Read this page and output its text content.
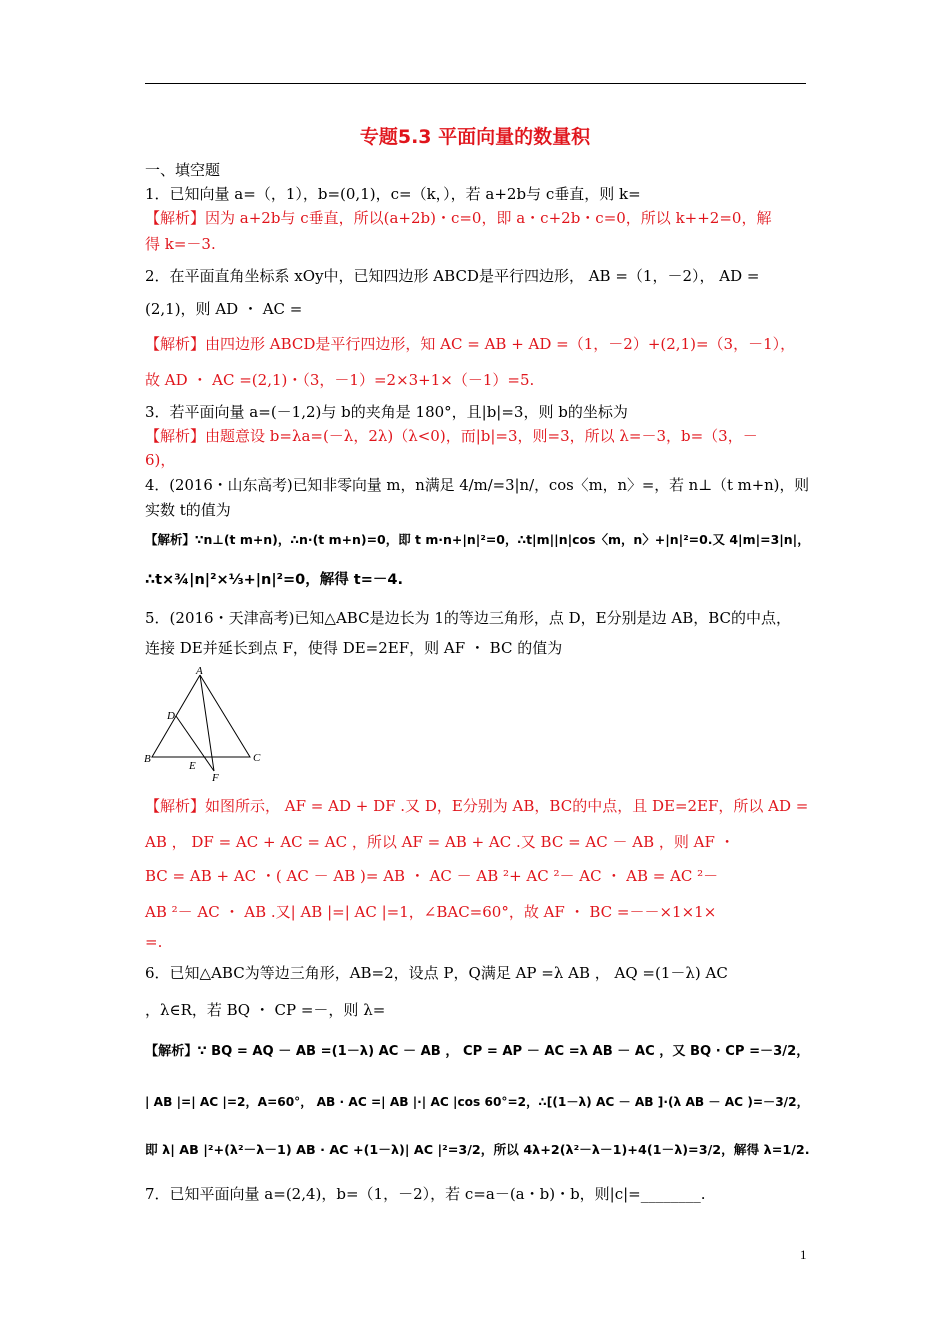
专题5.3 平面向量的数量积
一、填空题
1．已知向量 a=（，1），b=(0,1)，c=（k，），若 a+2b与 c垂直，则 k=
【解析】因为 a+2b与 c垂直，所以(a+2b)・c=0，即 a・c+2b・c=0，所以 k++2=0，解
得 k=－3.
2．在平面直角坐标系 xOy中，已知四边形 ABCD是平行四边形， AB =（1，－2）， AD =
(2,1)，则 AD ・ AC =
【解析】由四边形 ABCD是平行四边形，知 AC = AB + AD =（1，－2）+(2,1)=（3，－1），
故 AD ・ AC =(2,1)・（3，－1）=2×3+1×（－1）=5.
3．若平面向量 a=(－1,2)与 b的夹角是 180°，且|b|=3，则 b的坐标为
【解析】由题意设 b=λa=(－λ，2λ)（λ<0)，而|b|=3，则=3，所以 λ=－3，b=（3，－
6)，
4．(2016・山东高考)已知非零向量 m，n满足 4/m/=3|n/，cos〈m，n〉=，若 n⊥（t m+n)，则
实数 t的值为
【解析】∵n⊥(t m+n)，∴n·(t m+n)=0，即 t m·n+|n|²=0，∴t|m||n|cos〈m，n〉+|n|²=0.又 4|m|=3|n|，
∴t×¾|n|²×⅓+|n|²=0，解得 t=－4.
5．(2016・天津高考)已知△ABC是边长为 1的等边三角形，点 D，E分别是边 AB，BC的中点，
连接 DE并延长到点 F，使得 DE=2EF，则 AF ・ BC 的值为
A
D
B
E
F
C
【解析】如图所示， AF = AD + DF .又 D，E分别为 AB，BC的中点，且 DE=2EF，所以 AD =
AB ， DF = AC + AC = AC ，所以 AF = AB + AC .又 BC = AC － AB ，则 AF ・
BC = AB + AC ・( AC － AB )= AB ・ AC － AB ²+ AC ²－ AC ・ AB = AC ²－
AB ²－ AC ・ AB .又| AB |=| AC |=1，∠BAC=60°，故 AF ・ BC =－－×1×1×
=.
6．已知△ABC为等边三角形，AB=2，设点 P，Q满足 AP =λ AB ， AQ =(1－λ) AC
，λ∈R，若 BQ ・ CP =－，则 λ=
【解析】∵ BQ = AQ － AB =(1－λ) AC － AB ， CP = AP － AC =λ AB － AC ，又 BQ · CP =－3/2，
| AB |=| AC |=2，A=60°， AB · AC =| AB |·| AC |cos 60°=2，∴[(1－λ) AC － AB ]·(λ AB － AC )=－3/2，
即 λ| AB |²+(λ²－λ－1) AB · AC +(1－λ)| AC |²=3/2，所以 4λ+2(λ²－λ－1)+4(1－λ)=3/2，解得 λ=1/2.
7．已知平面向量 a=(2,4)，b=（1，－2），若 c=a－(a・b)・b，则|c|=________.
1
